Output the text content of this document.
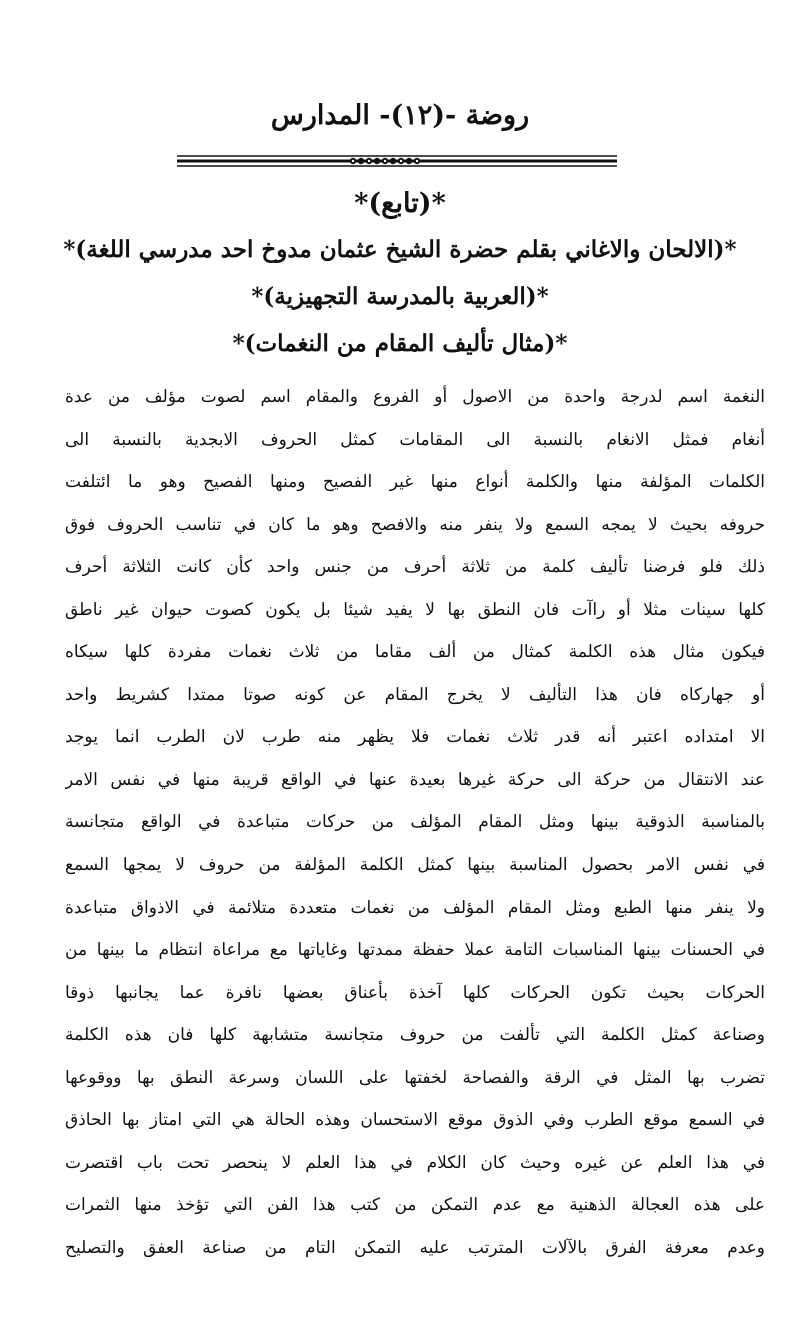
روضة -(١٢)- المدارس
*(تابع)*
*(الالحان والاغاني بقلم حضرة الشيخ عثمان مدوخ احد مدرسي اللغة)*
*(العربية بالمدرسة التجهيزية)*
*(مثال تأليف المقام من النغمات)*
النغمة اسم لدرجة واحدة من الاصول أو الفروع والمقام اسم لصوت مؤلف من عدة
أنغام فمثل الانغام بالنسبة الى المقامات كمثل الحروف الابجدية بالنسبة الى
الكلمات المؤلفة منها والكلمة أنواع منها غير الفصيح ومنها الفصيح وهو ما ائتلفت
حروفه بحيث لا يمجه السمع ولا ينفر منه والافصح وهو ما كان في تناسب الحروف فوق
ذلك فلو فرضنا تأليف كلمة من ثلاثة أحرف من جنس واحد كأن كانت الثلاثة أحرف
كلها سينات مثلا أو راآت فان النطق بها لا يفيد شيئا بل يكون كصوت حيوان غير ناطق
فيكون مثال هذه الكلمة كمثال من ألف مقاما من ثلاث نغمات مفردة كلها سيكاه
أو جهاركاه فان هذا التأليف لا يخرج المقام عن كونه صوتا ممتدا كشريط واحد
الا امتداده اعتبر أنه قدر ثلاث نغمات فلا يظهر منه طرب لان الطرب انما يوجد
عند الانتقال من حركة الى حركة غيرها بعيدة عنها في الواقع قريبة منها في نفس الامر
بالمناسبة الذوقية بينها ومثل المقام المؤلف من حركات متباعدة في الواقع متجانسة
في نفس الامر بحصول المناسبة بينها كمثل الكلمة المؤلفة من حروف لا يمجها السمع
ولا ينفر منها الطبع ومثل المقام المؤلف من نغمات متعددة متلائمة في الاذواق متباعدة
في الحسنات بينها المناسبات التامة عملا حفظة ممدتها وغاياتها مع مراعاة انتظام ما بينها من
الحركات بحيث تكون الحركات كلها آخذة بأعناق بعضها نافرة عما يجانبها ذوقا
وصناعة كمثل الكلمة التي تألفت من حروف متجانسة متشابهة كلها فان هذه الكلمة
تضرب بها المثل في الرقة والفصاحة لخفتها على اللسان وسرعة النطق بها ووقوعها
في السمع موقع الطرب وفي الذوق موقع الاستحسان وهذه الحالة هي التي امتاز بها الحاذق
في هذا العلم عن غيره وحيث كان الكلام في هذا العلم لا ينحصر تحت باب اقتصرت
على هذه العجالة الذهنية مع عدم التمكن من كتب هذا الفن التي تؤخذ منها الثمرات
وعدم معرفة الفرق بالآلات المترتب عليه التمكن التام من صناعة العفق والتصليح
